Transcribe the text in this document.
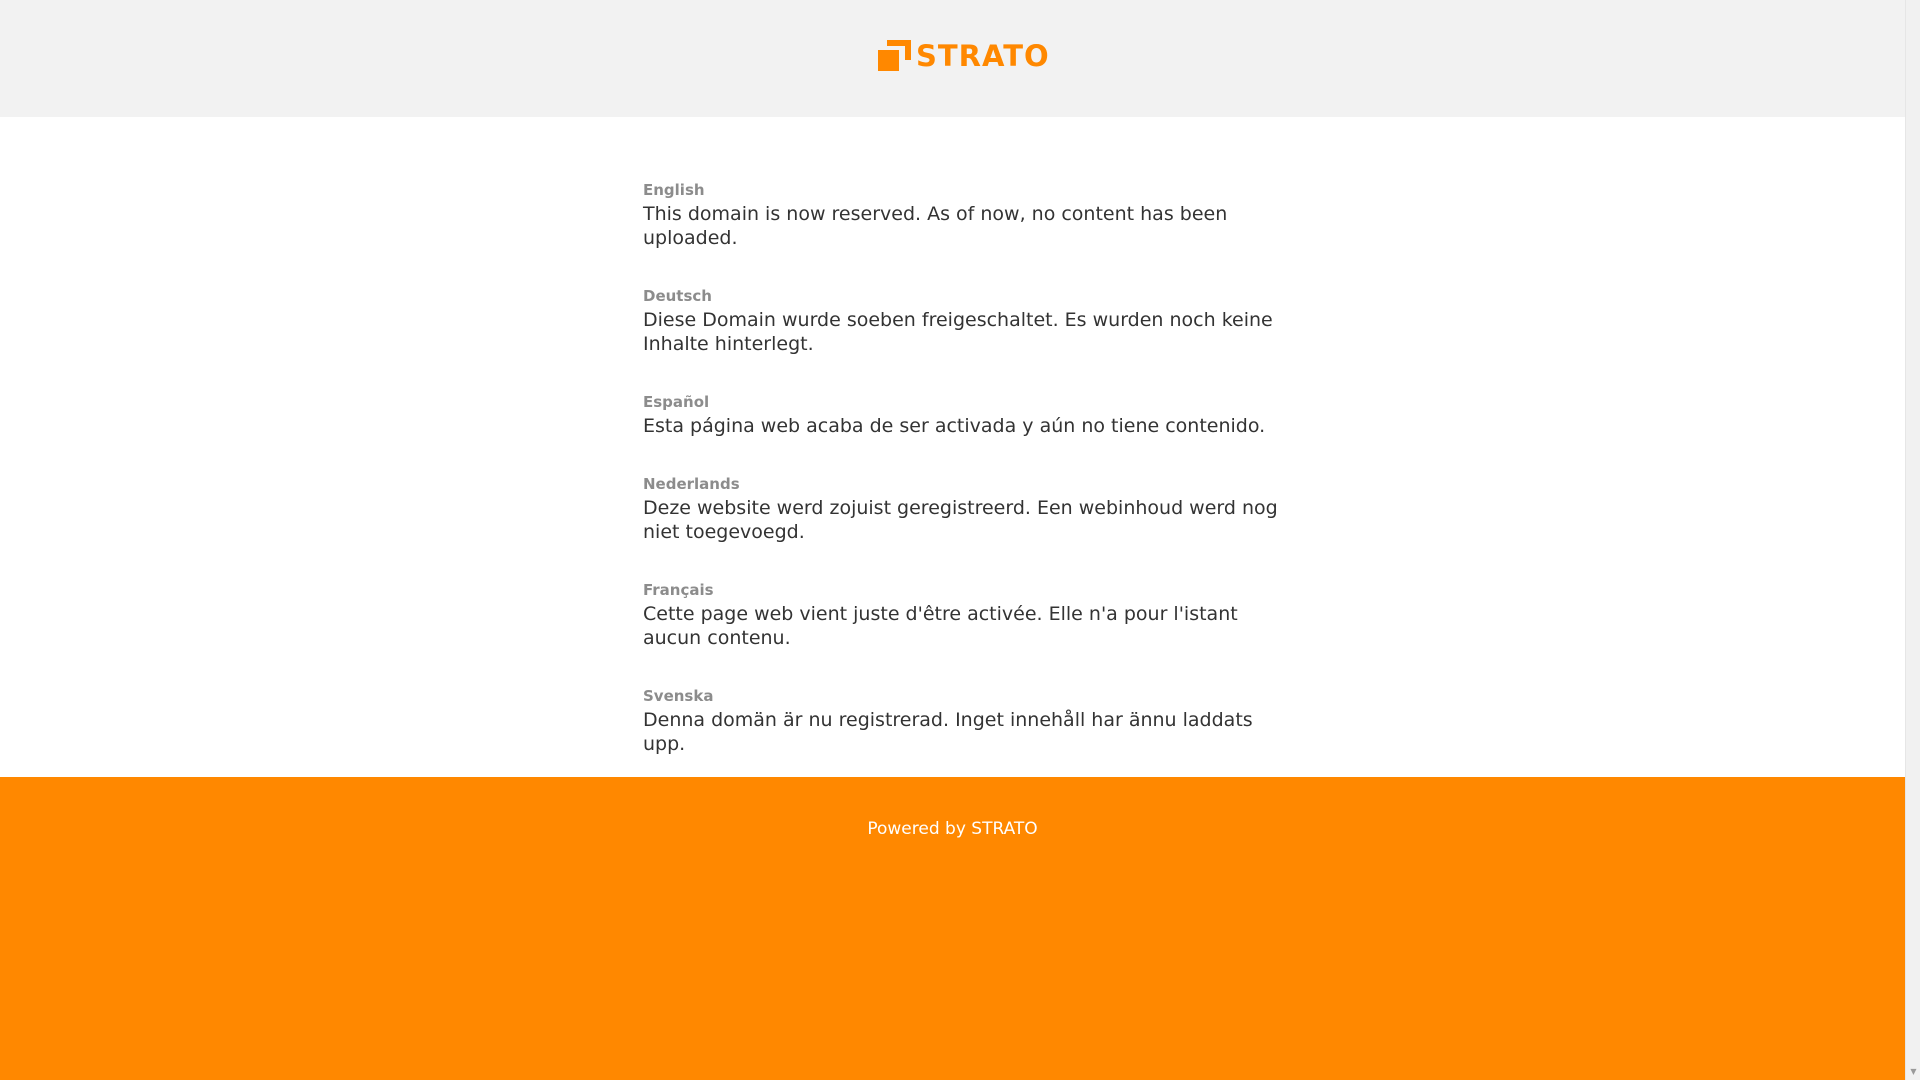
STRATO
English
This domain is now reserved. As of now, no content has been uploaded.
Deutsch
Diese Domain wurde soeben freigeschaltet. Es wurden noch keine Inhalte hinterlegt.
Español
Esta página web acaba de ser activada y aún no tiene contenido.
Nederlands
Deze website werd zojuist geregistreerd. Een webinhoud werd nog niet toegevoegd.
Français
Cette page web vient juste d'être activée. Elle n'a pour l'istant aucun contenu.
Svenska
Denna domän är nu registrerad. Inget innehåll har ännu laddats upp.
Powered by STRATO
▼
